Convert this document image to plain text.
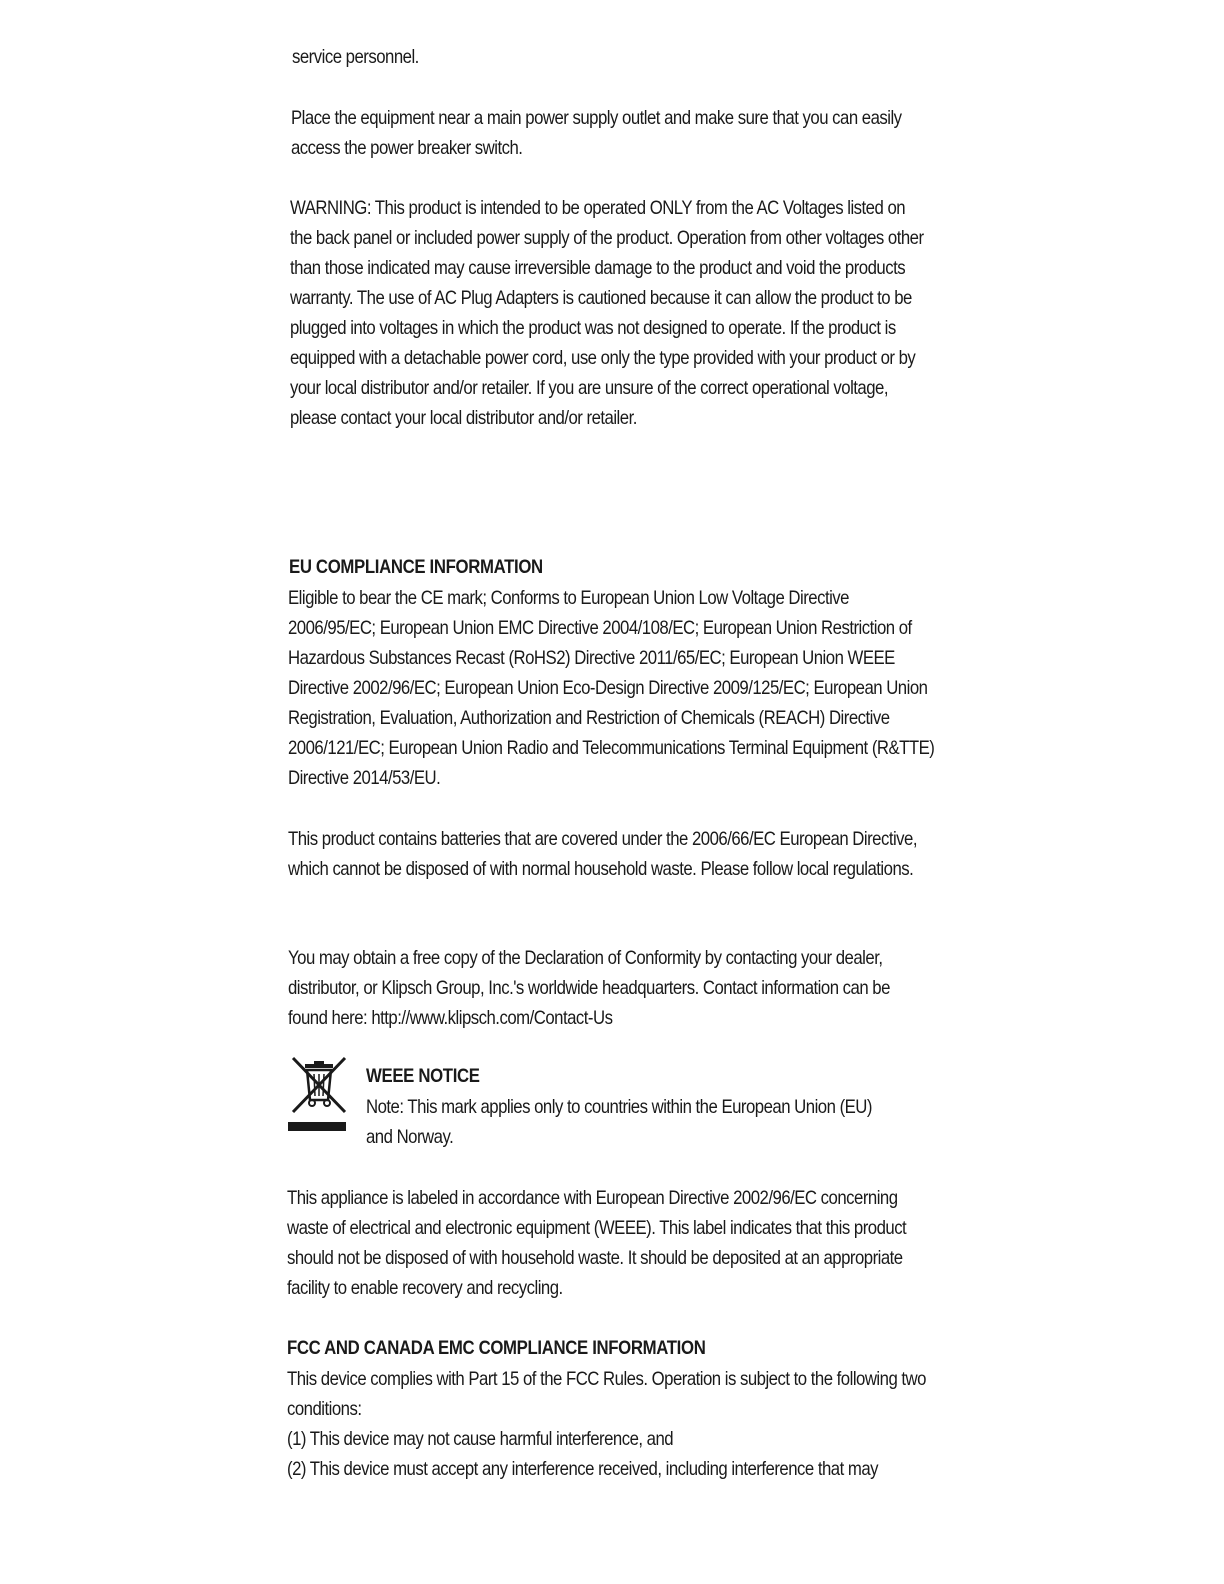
service personnel.

Place the equipment near a main power supply outlet and make sure that you can easily access the power breaker switch.

WARNING: This product is intended to be operated ONLY from the AC Voltages listed on the back panel or included power supply of the product. Operation from other voltages other than those indicated may cause irreversible damage to the product and void the products warranty. The use of AC Plug Adapters is cautioned because it can allow the product to be plugged into voltages in which the product was not designed to operate. If the product is equipped with a detachable power cord, use only the type provided with your product or by your local distributor and/or retailer. If you are unsure of the correct operational voltage, please contact your local distributor and/or retailer.

EU COMPLIANCE INFORMATION

Eligible to bear the CE mark; Conforms to European Union Low Voltage Directive 2006/95/EC; European Union EMC Directive 2004/108/EC; European Union Restriction of Hazardous Substances Recast (RoHS2) Directive 2011/65/EC; European Union WEEE Directive 2002/96/EC; European Union Eco-Design Directive 2009/125/EC; European Union Registration, Evaluation, Authorization and Restriction of Chemicals (REACH) Directive 2006/121/EC; European Union Radio and Telecommunications Terminal Equipment (R&TTE) Directive 2014/53/EU.

This product contains batteries that are covered under the 2006/66/EC European Directive, which cannot be disposed of with normal household waste. Please follow local regulations.

You may obtain a free copy of the Declaration of Conformity by contacting your dealer, distributor, or Klipsch Group, Inc.'s worldwide headquarters. Contact information can be found here: http://www.klipsch.com/Contact-Us

WEEE NOTICE

Note: This mark applies only to countries within the European Union (EU) and Norway.

This appliance is labeled in accordance with European Directive 2002/96/EC concerning waste of electrical and electronic equipment (WEEE). This label indicates that this product should not be disposed of with household waste. It should be deposited at an appropriate facility to enable recovery and recycling.

FCC AND CANADA EMC COMPLIANCE INFORMATION

This device complies with Part 15 of the FCC Rules. Operation is subject to the following two conditions:

(1) This device may not cause harmful interference, and

(2) This device must accept any interference received, including interference that may
